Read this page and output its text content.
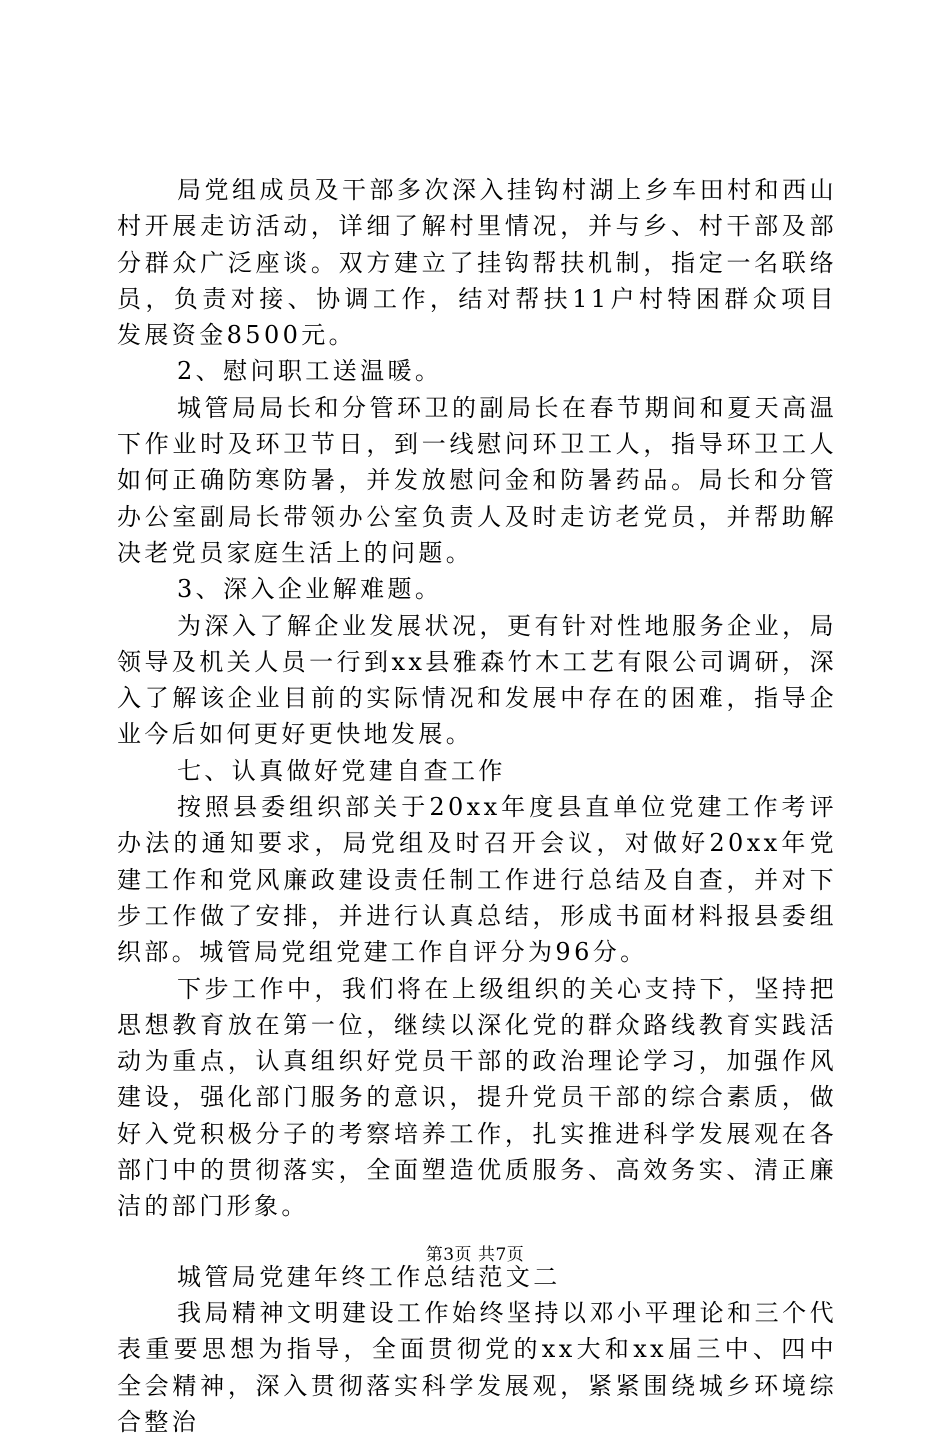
局党组成员及干部多次深入挂钩村湖上乡车田村和西山村开展走访活动，详细了解村里情况，并与乡、村干部及部分群众广泛座谈。双方建立了挂钩帮扶机制，指定一名联络员，负责对接、协调工作，结对帮扶11户村特困群众项目发展资金8500元。

2、慰问职工送温暖。

城管局局长和分管环卫的副局长在春节期间和夏天高温下作业时及环卫节日，到一线慰问环卫工人，指导环卫工人如何正确防寒防暑，并发放慰问金和防暑药品。局长和分管办公室副局长带领办公室负责人及时走访老党员，并帮助解决老党员家庭生活上的问题。

3、深入企业解难题。

为深入了解企业发展状况，更有针对性地服务企业，局领导及机关人员一行到xx县雅森竹木工艺有限公司调研，深入了解该企业目前的实际情况和发展中存在的困难，指导企业今后如何更好更快地发展。

七、认真做好党建自查工作

按照县委组织部关于20xx年度县直单位党建工作考评办法的通知要求，局党组及时召开会议，对做好20xx年党建工作和党风廉政建设责任制工作进行总结及自查，并对下步工作做了安排，并进行认真总结，形成书面材料报县委组织部。城管局党组党建工作自评分为96分。

下步工作中，我们将在上级组织的关心支持下，坚持把思想教育放在第一位，继续以深化党的群众路线教育实践活动为重点，认真组织好党员干部的政治理论学习，加强作风建设，强化部门服务的意识，提升党员干部的综合素质，做好入党积极分子的考察培养工作，扎实推进科学发展观在各部门中的贯彻落实，全面塑造优质服务、高效务实、清正廉洁的部门形象。

城管局党建年终工作总结范文二

我局精神文明建设工作始终坚持以邓小平理论和三个代表重要思想为指导，全面贯彻党的xx大和xx届三中、四中全会精神，深入贯彻落实科学发展观，紧紧围绕城乡环境综合整治

第3页 共7页
